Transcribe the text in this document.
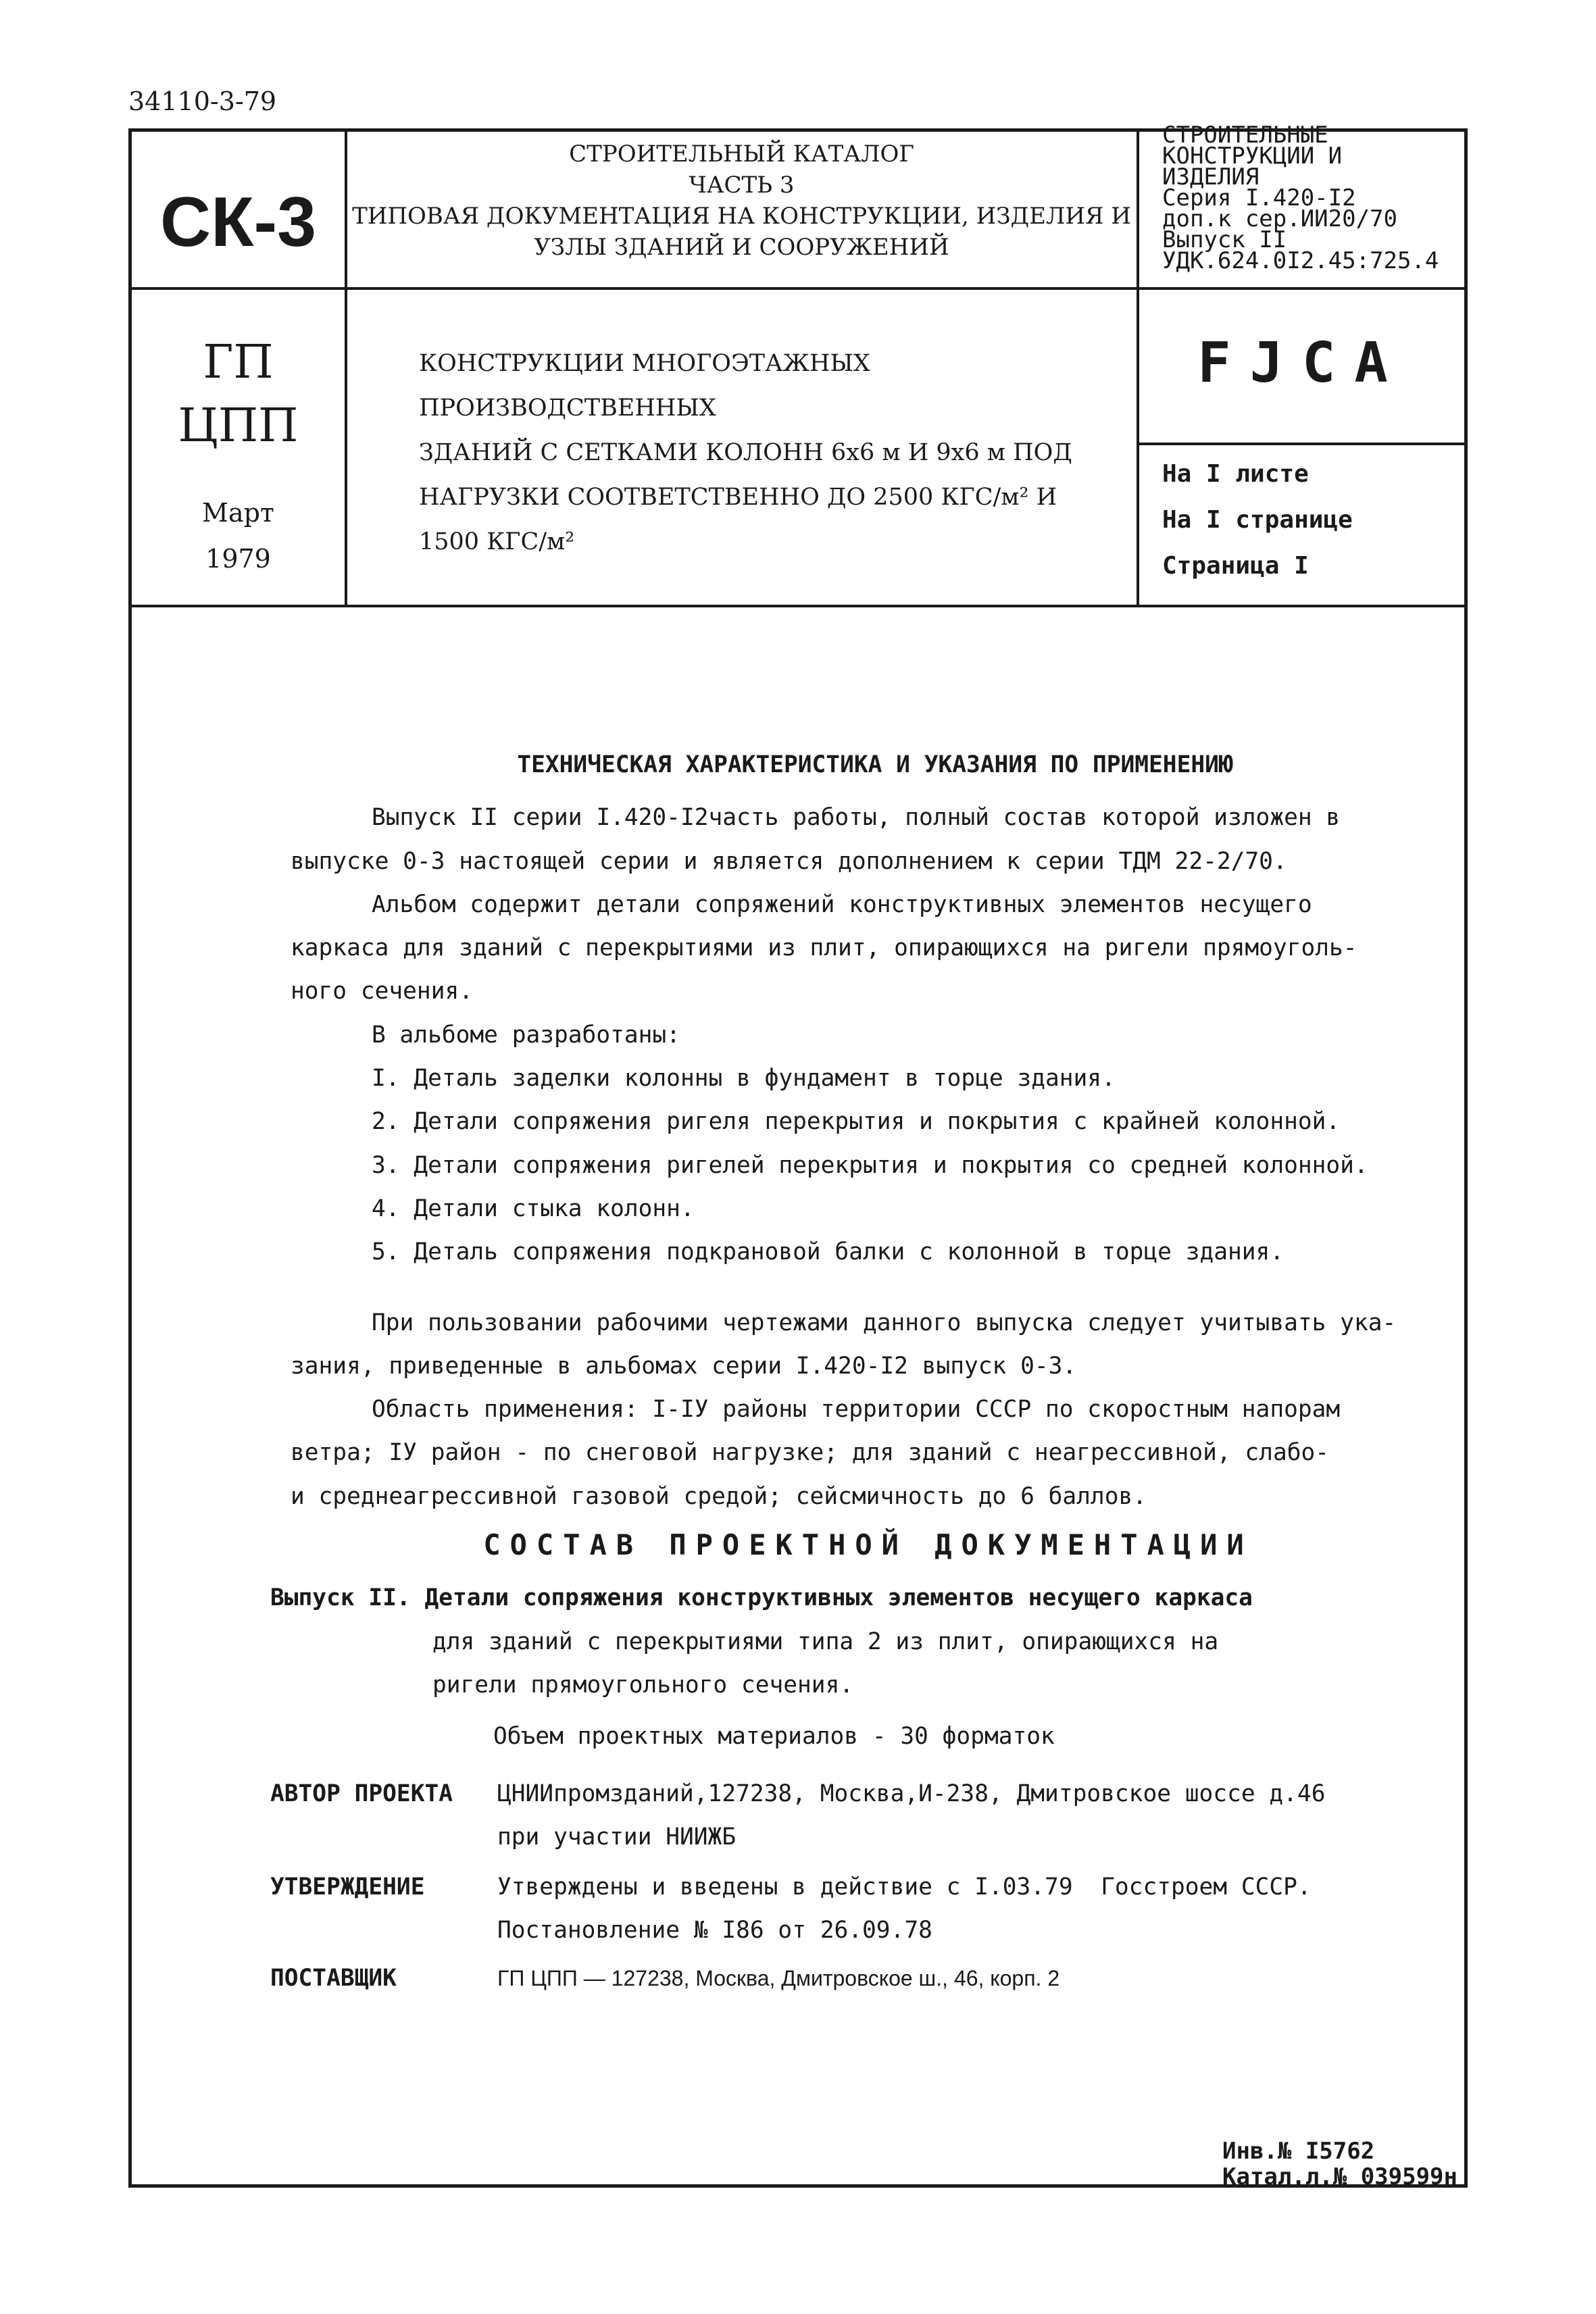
34110-3-79
СК-3
СТРОИТЕЛЬНЫЙ КАТАЛОГ
ЧАСТЬ 3
ТИПОВАЯ ДОКУМЕНТАЦИЯ НА КОНСТРУКЦИИ, ИЗДЕЛИЯ И
УЗЛЫ ЗДАНИЙ И СООРУЖЕНИЙ
СТРОИТЕЛЬНЫЕ
КОНСТРУКЦИИ И
ИЗДЕЛИЯ
Серия I.420-I2
доп.к сер.ИИ20/70
Выпуск II
УДК.624.0I2.45:725.4
ГП
ЦПП
Март
1979
КОНСТРУКЦИИ МНОГОЭТАЖНЫХ ПРОИЗВОДСТВЕННЫХ
ЗДАНИЙ С СЕТКАМИ КОЛОНН 6х6 м И 9х6 м ПОД
НАГРУЗКИ СООТВЕТСТВЕННО ДО 2500 КГС/м² И
1500 КГС/м²
FJCA
На I листе
На I странице
Страница I

ТЕХНИЧЕСКАЯ ХАРАКТЕРИСТИКА И УКАЗАНИЯ ПО ПРИМЕНЕНИЮ

Выпуск II серии I.420-I2часть работы, полный состав которой изложен в

выпуске 0-3 настоящей серии и является дополнением к серии ТДМ 22-2/70.

Альбом содержит детали сопряжений конструктивных элементов несущего

каркаса для зданий с перекрытиями из плит, опирающихся на ригели прямоуголь-

ного сечения.

В альбоме разработаны:

I. Деталь заделки колонны в фундамент в торце здания.

2. Детали сопряжения ригеля перекрытия и покрытия с крайней колонной.

3. Детали сопряжения ригелей перекрытия и покрытия со средней колонной.

4. Детали стыка колонн.

5. Деталь сопряжения подкрановой балки с колонной в торце здания.

При пользовании рабочими чертежами данного выпуска следует учитывать ука-

зания, приведенные в альбомах серии I.420-I2 выпуск 0-3.

Область применения: I-IУ районы территории СССР по скоростным напорам

ветра; IУ район - по снеговой нагрузке; для зданий с неагрессивной, слабо-

и среднеагрессивной газовой средой; сейсмичность до 6 баллов.

СОСТАВ ПРОЕКТНОЙ ДОКУМЕНТАЦИИ

Выпуск II. Детали сопряжения конструктивных элементов несущего каркаса

для зданий с перекрытиями типа 2 из плит, опирающихся на

ригели прямоугольного сечения.

Объем проектных материалов - 30 форматок

АВТОР ПРОЕКТА ЦНИИпромзданий,127238, Москва,И-238, Дмитровское шоссе д.46

при участии НИИЖБ

УТВЕРЖДЕНИЕ	Утверждены и введены в действие с I.03.79  Госстроем СССР.

Постановление № I86 от 26.09.78

ПОСТАВЩИК	ГП ЦПП — 127238, Москва, Дмитровское ш., 46, корп. 2

Инв.№ I5762
Катал.л.№ 039599н
